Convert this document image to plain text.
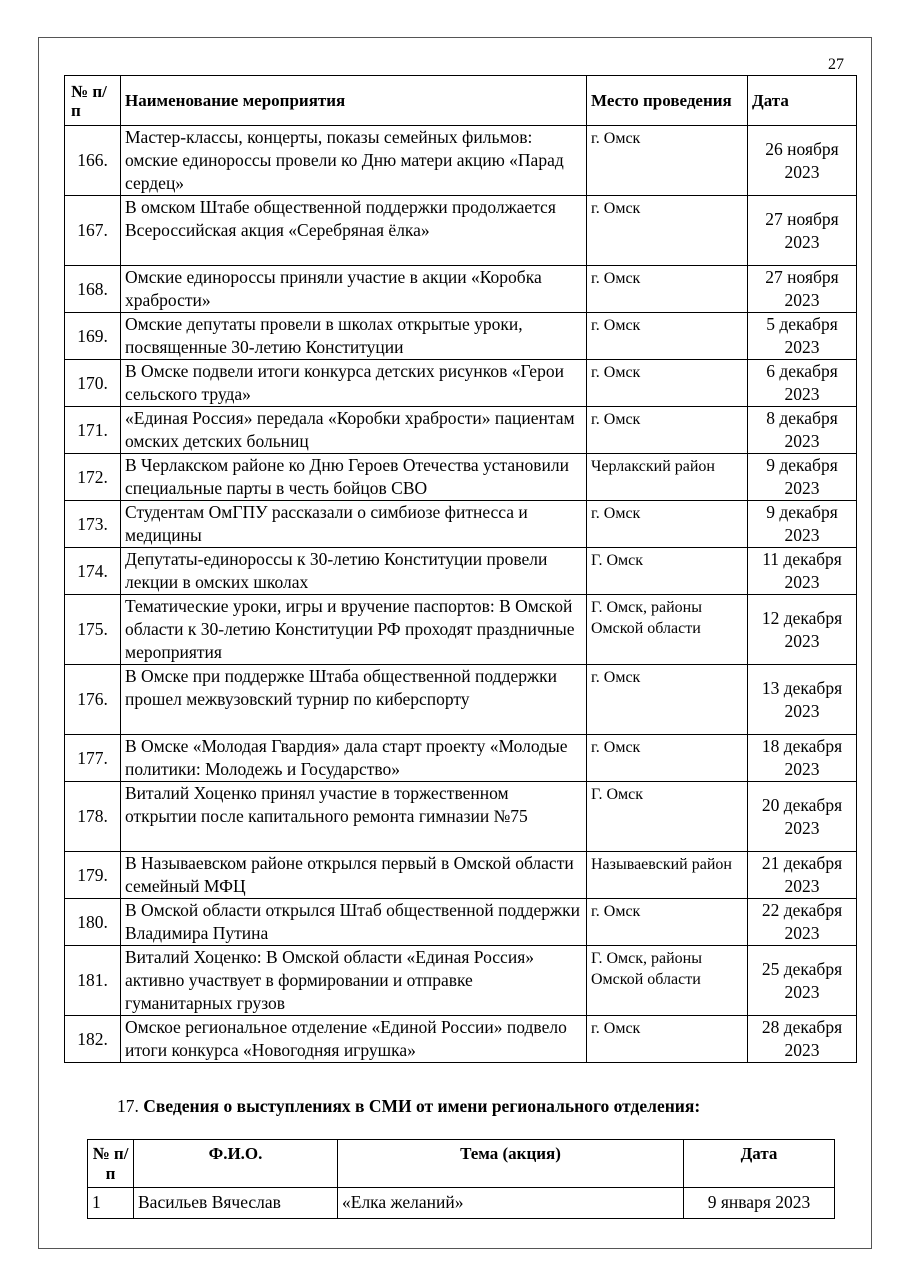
27
№ п/п	Наименование мероприятия	Место проведения	Дата
166.	Мастер-классы, концерты, показы семейных фильмов: омские единороссы провели ко Дню матери акцию «Парад сердец»	г. Омск	26 ноября 2023
167.	В омском Штабе общественной поддержки продолжается Всероссийская акция «Серебряная ёлка»	г. Омск	27 ноября 2023
168.	Омские единороссы приняли участие в акции «Коробка храбрости»	г. Омск	27 ноября 2023
169.	Омские депутаты провели в школах открытые уроки, посвященные 30-летию Конституции	г. Омск	5 декабря 2023
170.	В Омске подвели итоги конкурса детских рисунков «Герои сельского труда»	г. Омск	6 декабря 2023
171.	«Единая Россия» передала «Коробки храбрости» пациентам омских детских больниц	г. Омск	8 декабря 2023
172.	В Черлакском районе ко Дню Героев Отечества установили специальные парты в честь бойцов СВО	Черлакский район	9 декабря 2023
173.	Студентам ОмГПУ рассказали о симбиозе фитнесса и медицины	г. Омск	9 декабря 2023
174.	Депутаты-единороссы к 30-летию Конституции провели лекции в омских школах	Г. Омск	11 декабря 2023
175.	Тематические уроки, игры и вручение паспортов: В Омской области к 30-летию Конституции РФ проходят праздничные мероприятия	Г. Омск, районы Омской области	12 декабря 2023
176.	В Омске при поддержке Штаба общественной поддержки прошел межвузовский турнир по киберспорту	г. Омск	13 декабря 2023
177.	В Омске «Молодая Гвардия» дала старт проекту «Молодые политики: Молодежь и Государство»	г. Омск	18 декабря 2023
178.	Виталий Хоценко принял участие в торжественном открытии после капитального ремонта гимназии №75	Г. Омск	20 декабря 2023
179.	В Называевском районе открылся первый в Омской области семейный МФЦ	Называевский район	21 декабря 2023
180.	В Омской области открылся Штаб общественной поддержки Владимира Путина	г. Омск	22 декабря 2023
181.	Виталий Хоценко: В Омской области «Единая Россия» активно участвует в формировании и отправке гуманитарных грузов	Г. Омск, районы Омской области	25 декабря 2023
182.	Омское региональное отделение «Единой России» подвело итоги конкурса «Новогодняя игрушка»	г. Омск	28 декабря 2023
17. Сведения о выступлениях в СМИ от имени регионального отделения:
№ п/п	Ф.И.О.	Тема (акция)	Дата
1	Васильев Вячеслав	«Елка желаний»	9 января 2023
